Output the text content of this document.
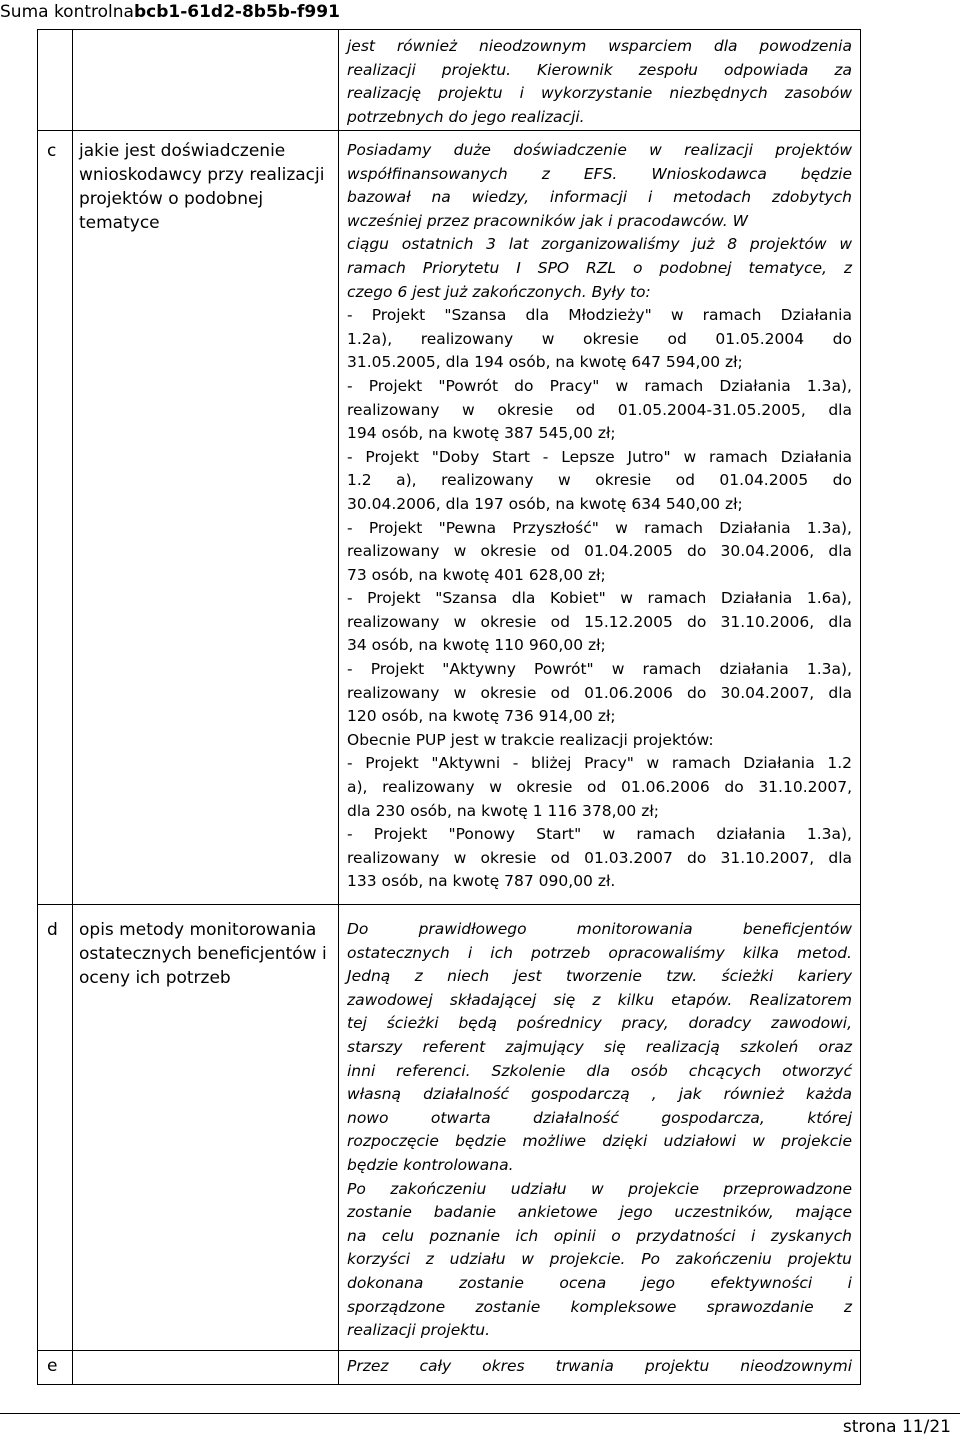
Suma kontrolnabcb1-61d2-8b5b-f991
jest również nieodzownym wsparciem dla powodzenia
realizacji projektu. Kierownik zespołu odpowiada za
realizację projektu i wykorzystanie niezbędnych zasobów
potrzebnych do jego realizacji.
c jakie jest doświadczenie
wnioskodawcy przy realizacji
projektów o podobnej
tematyce
Posiadamy duże doświadczenie w realizacji projektów
współfinansowanych z EFS. Wnioskodawca będzie
bazował na wiedzy, informacji i metodach zdobytych
wcześniej przez pracowników jak i pracodawców. W
ciągu ostatnich 3 lat zorganizowaliśmy już 8 projektów w
ramach Priorytetu I SPO RZL o podobnej tematyce, z
czego 6 jest już zakończonych. Były to:
- Projekt "Szansa dla Młodzieży" w ramach Działania
1.2a), realizowany w okresie od 01.05.2004 do
31.05.2005, dla 194 osób, na kwotę 647 594,00 zł;
- Projekt "Powrót do Pracy" w ramach Działania 1.3a),
realizowany w okresie od 01.05.2004-31.05.2005, dla
194 osób, na kwotę 387 545,00 zł;
- Projekt "Doby Start - Lepsze Jutro" w ramach Działania
1.2 a), realizowany w okresie od 01.04.2005 do
30.04.2006, dla 197 osób, na kwotę 634 540,00 zł;
- Projekt "Pewna Przyszłość" w ramach Działania 1.3a),
realizowany w okresie od 01.04.2005 do 30.04.2006, dla
73 osób, na kwotę 401 628,00 zł;
- Projekt "Szansa dla Kobiet" w ramach Działania 1.6a),
realizowany w okresie od 15.12.2005 do 31.10.2006, dla
34 osób, na kwotę 110 960,00 zł;
- Projekt "Aktywny Powrót" w ramach działania 1.3a),
realizowany w okresie od 01.06.2006 do 30.04.2007, dla
120 osób, na kwotę 736 914,00 zł;
Obecnie PUP jest w trakcie realizacji projektów:
- Projekt "Aktywni - bliżej Pracy" w ramach Działania 1.2
a), realizowany w okresie od 01.06.2006 do 31.10.2007,
dla 230 osób, na kwotę 1 116 378,00 zł;
- Projekt "Ponowy Start" w ramach działania 1.3a),
realizowany w okresie od 01.03.2007 do 31.10.2007, dla
133 osób, na kwotę 787 090,00 zł.
d opis metody monitorowania
ostatecznych beneficjentów i
oceny ich potrzeb
Do prawidłowego monitorowania beneficjentów
ostatecznych i ich potrzeb opracowaliśmy kilka metod.
Jedną z niech jest tworzenie tzw. ścieżki kariery
zawodowej składającej się z kilku etapów. Realizatorem
tej ścieżki będą pośrednicy pracy, doradcy zawodowi,
starszy referent zajmujący się realizacją szkoleń oraz
inni referenci. Szkolenie dla osób chcących otworzyć
własną działalność gospodarczą , jak również każda
nowo otwarta działalność gospodarcza, której
rozpoczęcie będzie możliwe dzięki udziałowi w projekcie
będzie kontrolowana.
Po zakończeniu udziału w projekcie przeprowadzone
zostanie badanie ankietowe jego uczestników, mające
na celu poznanie ich opinii o przydatności i zyskanych
korzyści z udziału w projekcie. Po zakończeniu projektu
dokonana zostanie ocena jego efektywności i
sporządzone zostanie kompleksowe sprawozdanie z
realizacji projektu.
e	Przez cały okres trwania projektu nieodzownymi
strona 11/21
